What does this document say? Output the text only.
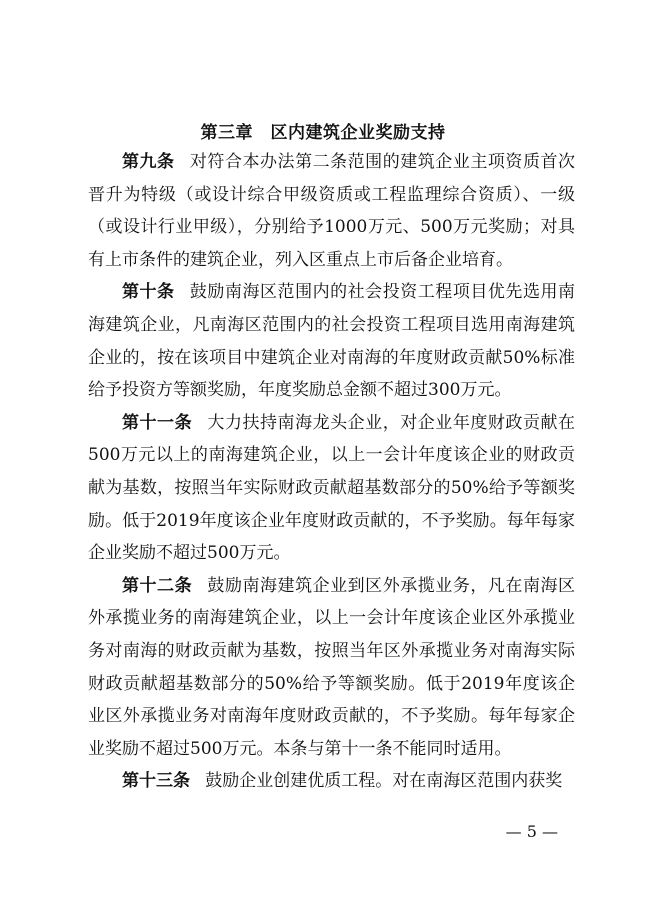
第三章　区内建筑企业奖励支持

第九条 对符合本办法第二条范围的建筑企业主项资质首次晋升为特级（或设计综合甲级资质或工程监理综合资质）、一级（或设计行业甲级），分别给予1000万元、500万元奖励；对具有上市条件的建筑企业，列入区重点上市后备企业培育。

第十条 鼓励南海区范围内的社会投资工程项目优先选用南海建筑企业，凡南海区范围内的社会投资工程项目选用南海建筑企业的，按在该项目中建筑企业对南海的年度财政贡献50%标准给予投资方等额奖励，年度奖励总金额不超过300万元。

第十一条 大力扶持南海龙头企业，对企业年度财政贡献在500万元以上的南海建筑企业，以上一会计年度该企业的财政贡献为基数，按照当年实际财政贡献超基数部分的50%给予等额奖励。低于2019年度该企业年度财政贡献的，不予奖励。每年每家企业奖励不超过500万元。

第十二条 鼓励南海建筑企业到区外承揽业务，凡在南海区外承揽业务的南海建筑企业，以上一会计年度该企业区外承揽业务对南海的财政贡献为基数，按照当年区外承揽业务对南海实际财政贡献超基数部分的50%给予等额奖励。低于2019年度该企业区外承揽业务对南海年度财政贡献的，不予奖励。每年每家企业奖励不超过500万元。本条与第十一条不能同时适用。

第十三条 鼓励企业创建优质工程。对在南海区范围内获奖

— 5 —
